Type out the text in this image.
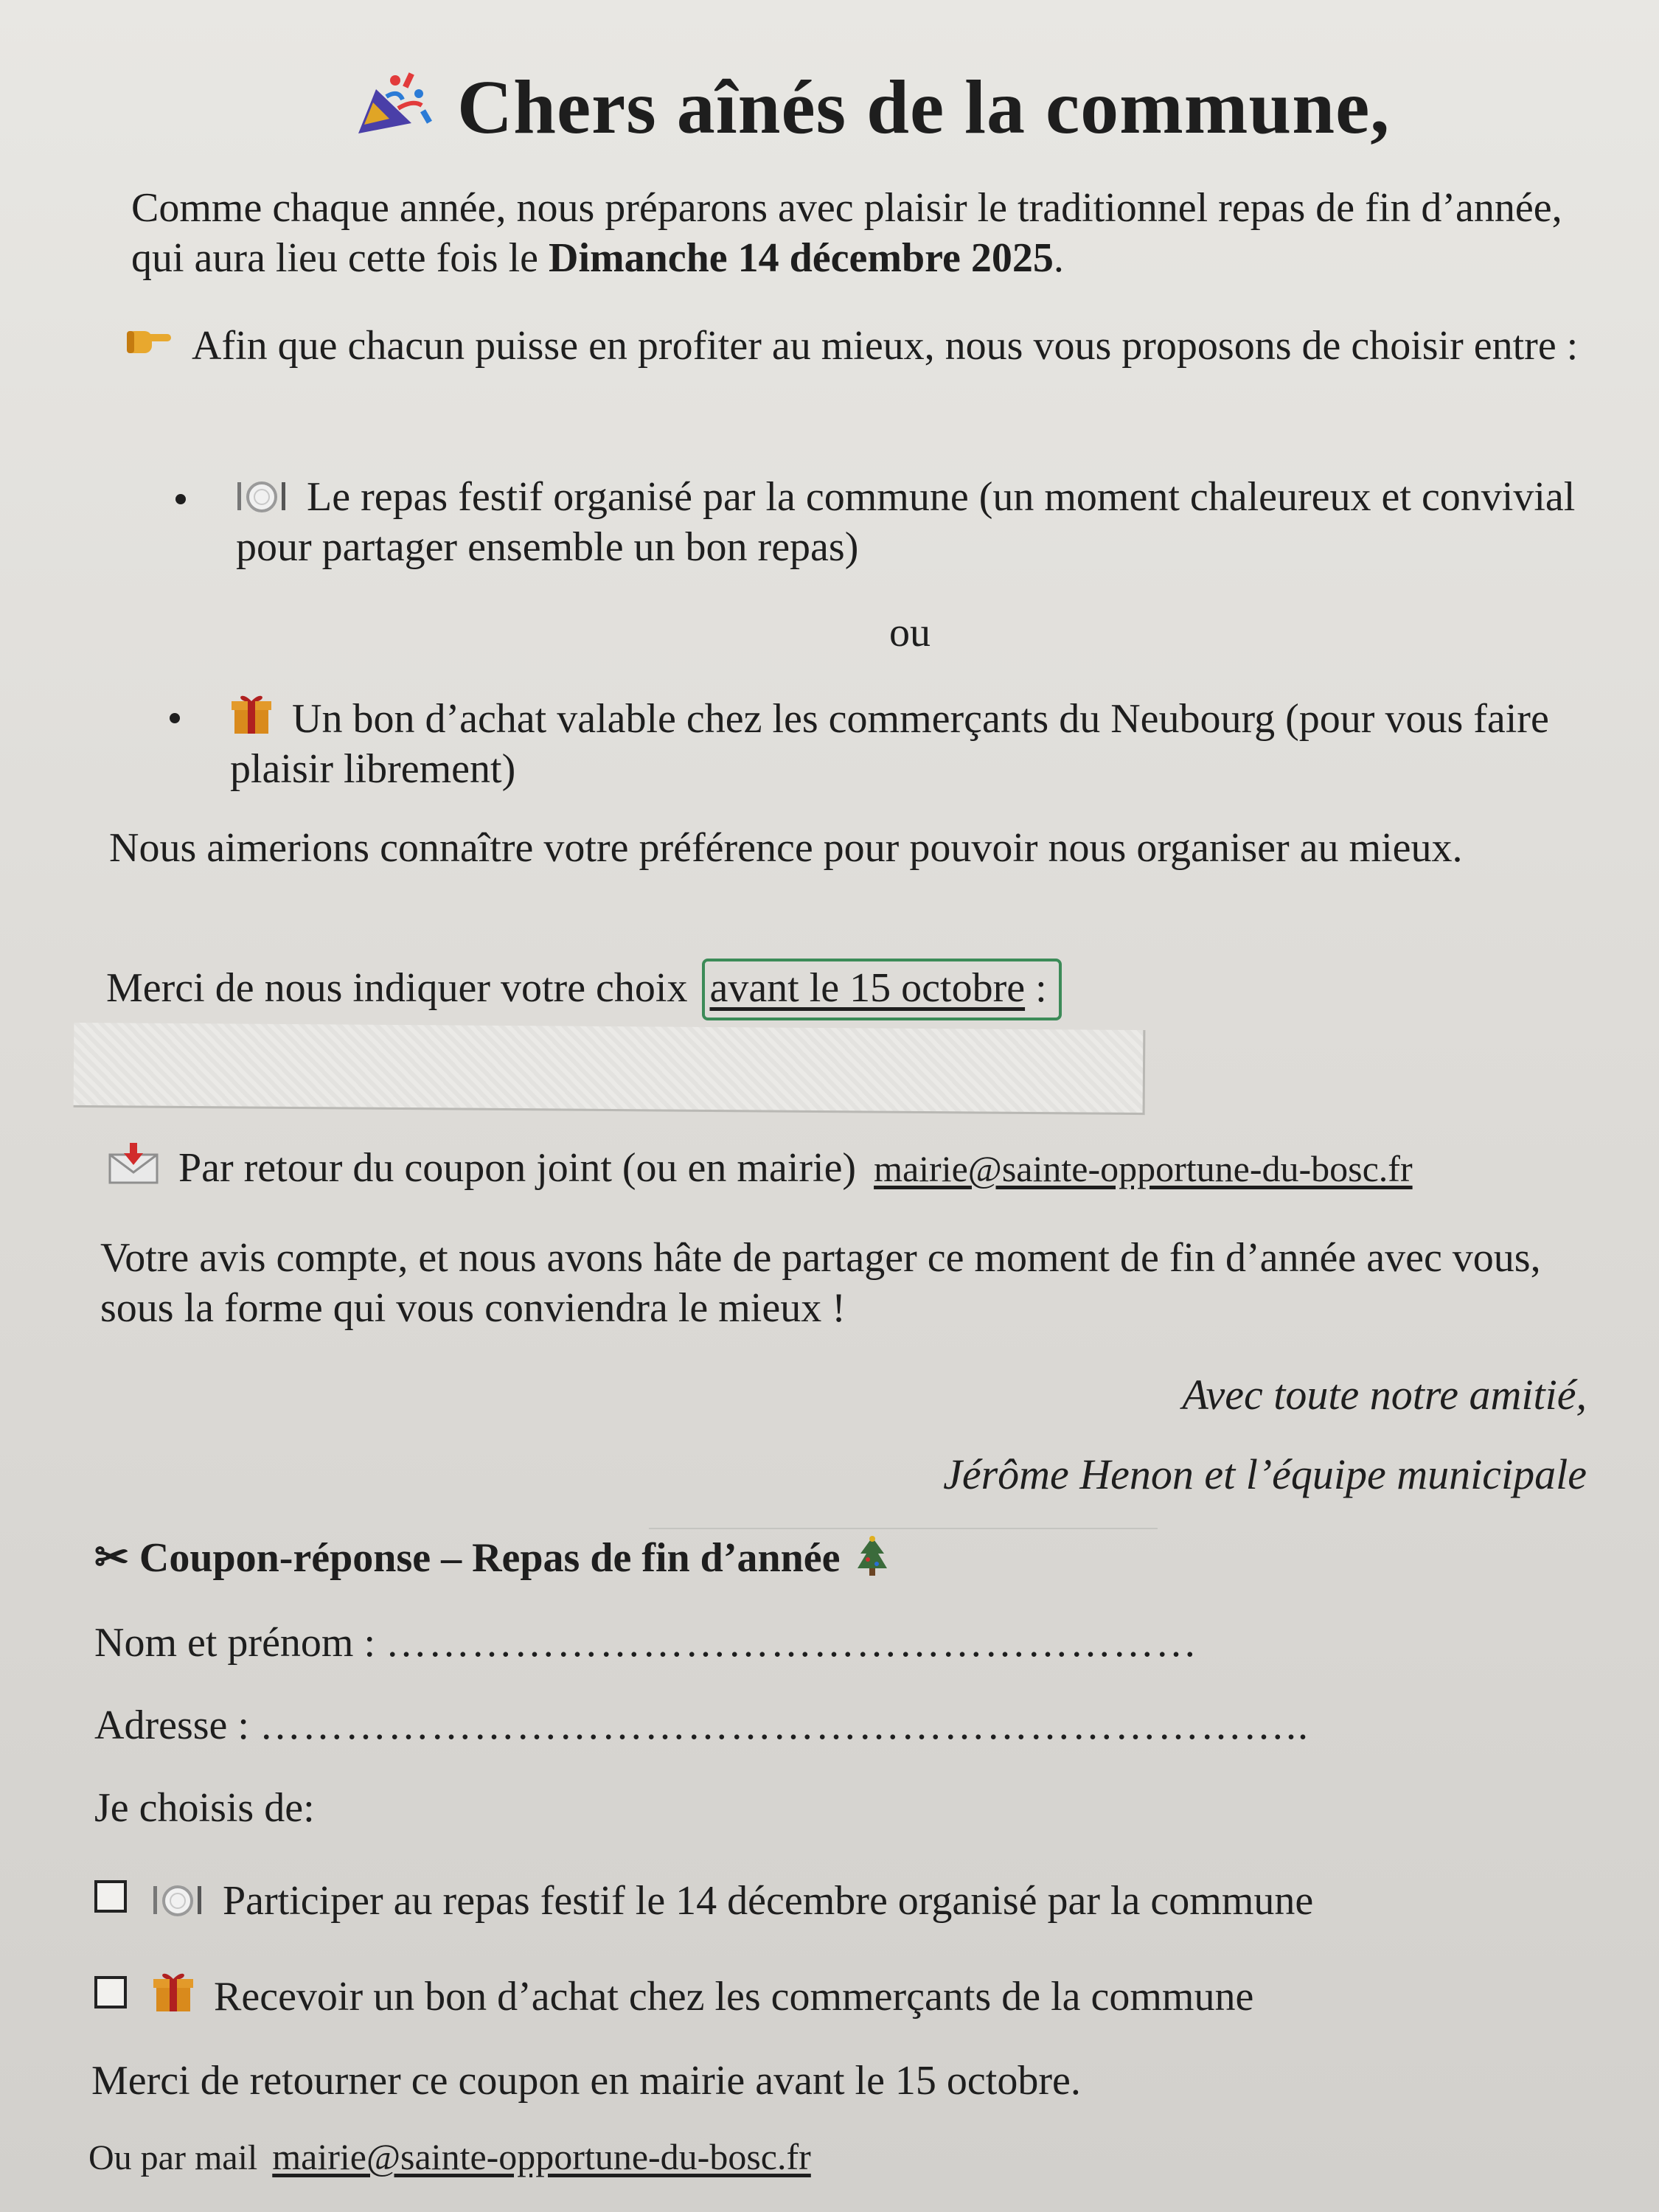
Chers aînés de la commune,
Comme chaque année, nous préparons avec plaisir le traditionnel repas de fin d’année, qui aura lieu cette fois le Dimanche 14 décembre 2025.
Afin que chacun puisse en profiter au mieux, nous vous proposons de choisir entre :
Le repas festif organisé par la commune (un moment chaleureux et convivial pour partager ensemble un bon repas)
ou
Un bon d’achat valable chez les commerçants du Neubourg (pour vous faire plaisir librement)
Nous aimerions connaître votre préférence pour pouvoir nous organiser au mieux.
Merci de nous indiquer votre choix avant le 15 octobre :
Par retour du coupon joint (ou en mairie) mairie@sainte-opportune-du-bosc.fr
Votre avis compte, et nous avons hâte de partager ce moment de fin d’année avec vous, sous la forme qui vous conviendra le mieux !
Avec toute notre amitié,
Jérôme Henon et l’équipe municipale
✂ Coupon-réponse – Repas de fin d’année
Nom et prénom : …………………………………………………
Adresse : ………………………………………………………………..
Je choisis de:
Participer au repas festif le 14 décembre organisé par la commune
Recevoir un bon d’achat chez les commerçants de la commune
Merci de retourner ce coupon en mairie avant le 15 octobre.
Ou par mail mairie@sainte-opportune-du-bosc.fr
